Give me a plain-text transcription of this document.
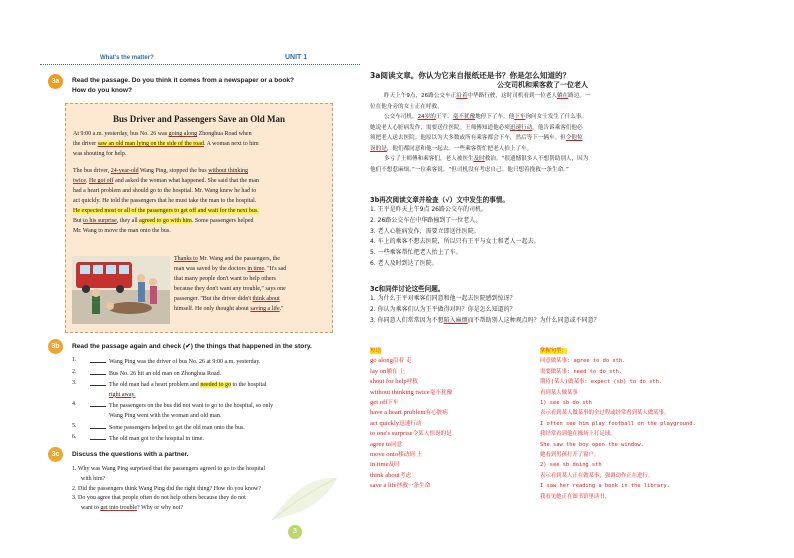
What's the matter?	UNIT 1
3a	Read the passage. Do you think it comes from a newspaper or a book?
How do you know?
Bus Driver and Passengers Save an Old Man
At 9:00 a.m. yesterday, bus No. 26 was going along Zhonghua Road when
the driver saw an old man lying on the side of the road. A woman next to him
was shouting for help.
The bus driver, 24-year-old Wang Ping, stopped the bus without thinking
twice. He got off and asked the woman what happened. She said that the man
had a heart problem and should go to the hospital. Mr. Wang knew he had to
act quickly. He told the passengers that he must take the man to the hospital.
He expected most or all of the passengers to get off and wait for the next bus.
But to his surprise, they all agreed to go with him. Some passengers helped
Mr. Wang to move the man onto the bus.
Thanks to Mr. Wang and the passengers, the
man was saved by the doctors in time. "It's sad
that many people don't want to help others
because they don't want any trouble," says one
passenger. "But the driver didn't think about
himself. He only thought about saving a life."
3b	Read the passage again and check (✔) the things that happened in the story.
1.	Wang Ping was the driver of bus No. 26 at 9:00 a.m. yesterday.
2.	Bus No. 26 hit an old man on Zhonghua Road.
3.	The old man had a heart problem and needed to go to the hospital
right away.
4.	The passengers on the bus did not want to go to the hospital, so only
Wang Ping went with the woman and old man.
5.	Some passengers helped to get the old man onto the bus.
6.	The old man got to the hospital in time.
3c	Discuss the questions with a partner.
1. Why was Wang Ping surprised that the passengers agreed to go to the hospital
with him?
2. Did the passengers think Wang Ping did the right thing? How do you know?
3. Do you agree that people often do not help others because they do not
want to get into trouble? Why or why not?
3
3a阅读文章。你认为它来自报纸还是书？你是怎么知道的？
公交司机和乘客救了一位老人
昨天上午9点，26路公交车正沿着中华路行驶，这时司机看到一位老人躺在路边。一
位在他身旁的女士正在呼救。
公交车司机，24岁的王平，毫不犹豫地停下了车。他下车询问女士发生了什么事。
她说老人心脏病发作，需要送往医院。王师傅知道他必须迅速行动。他告诉乘客们他必
须把老人送去医院。他原以为大多数或所有乘客都会下车，然后等下一辆车。但令他惊
讶的是，他们都同意和他一起去。一些乘客帮忙把老人抬上了车。
多亏了王师傅和乘客们，老人被医生及时救治。“很遗憾很多人不想帮助别人，因为
他们不想惹麻烦，”一位乘客说。“但司机没有考虑自己。他只想着挽救一条生命。”
3b再次阅读文章并检查（√）文中发生的事情。
1. 王平是昨天上午9点 26路公交车的司机。
2. 26路公交车在中华路撞到了一位老人。
3. 老人心脏病发作，需要立即送往医院。
4. 车上的乘客不想去医院，所以只有王平与女士和老人一起去。
5. 一些乘客帮忙把老人抬上了车。
6. 老人及时到达了医院。
3c和同伴讨论这些问题。
1. 为什么王平对乘客们同意和他一起去医院感到惊讶？
2. 你认为乘客们认为王平做得对吗？你是怎么知道的？
3. 你同意人们常常因为不想陷入麻烦而不帮助别人这种观点吗？为什么同意或不同意？
短语
go along沿着 走
lay on躺在 上
shout for help呼救
without thinking twice毫不犹豫
get off下车
have a heart problem有心脏病
act quickly迅速行动
to one's surprise令某人惊讶的是
agree to同意
move onto移动到 上
in time及时
think about考虑
save a life拯救一条生命
掌握句型：
同意做某事: agree to do sth.
需要做某事: need to do sth.
期待(某人)做某事: expect (sb) to do sth.
看到某人做某事
1) see sb do sth
表示看到某人做某事的全过程或经常看到某人做某事。
I often see him play football on the playground.
我经常看到他在操场上打足球。
She saw the boy open the window.
她看到男孩打开了窗户。
2) see sb doing sth
表示看到某人正在做某事，强调动作正在进行。
I saw her reading a book in the library.
我看见她正在图书馆里读书。
